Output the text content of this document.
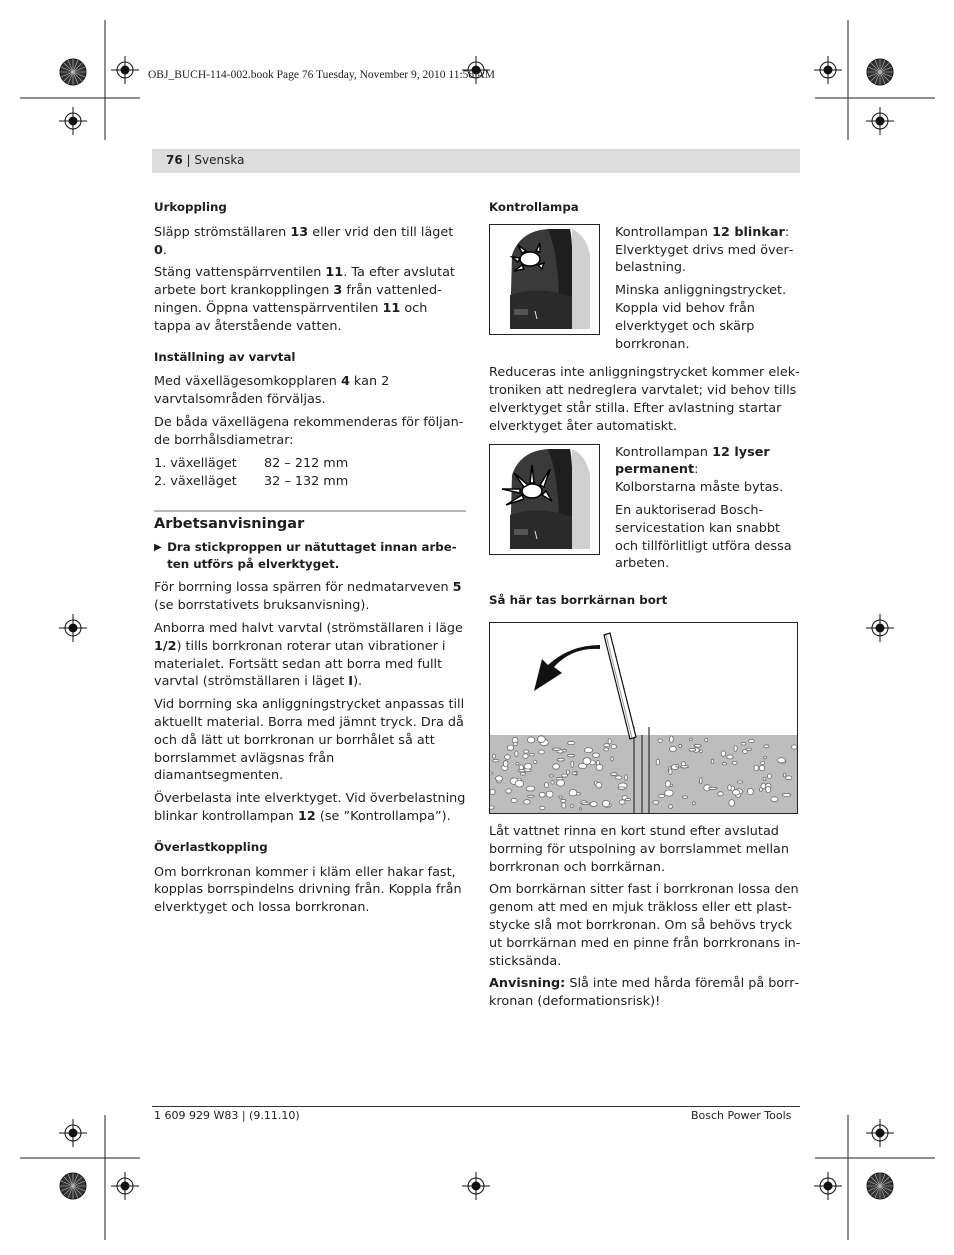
OBJ_BUCH-114-002.book Page 76 Tuesday, November 9, 2010 11:58 AM
76 | Svenska
Urkoppling

Släpp strömställaren 13 eller vrid den till läget 0.

Stäng vattenspärrventilen 11. Ta efter avslutat arbete bort krankopplingen 3 från vattenledningen. Öppna vattenspärrventilen 11 och tappa av återstående vatten.

Inställning av varvtal

Med växellägesomkopplaren 4 kan 2 varvtalsområden förväljas.

De båda växellägena rekommenderas för följande borrhålsdiametrar:

1. växelläget	82 – 212 mm
2. växelläget	32 – 132 mm
Arbetsanvisningar
▶ Dra stickproppen ur nätuttaget innan arbeten utförs på elverktyget.

För borrning lossa spärren för nedmatarveven 5 (se borrstativets bruksanvisning).

Anborra med halvt varvtal (strömställaren i läge 1/2) tills borrkronan roterar utan vibrationer i materialet. Fortsätt sedan att borra med fullt varvtal (strömställaren i läget I).

Vid borrning ska anliggningstrycket anpassas till aktuellt material. Borra med jämnt tryck. Dra då och då lätt ut borrkronan ur borrhålet så att borrslammet avlägsnas från diamantsegmenten.

Överbelasta inte elverktyget. Vid överbelastning blinkar kontrollampan 12 (se ”Kontrollampa”).

Överlastkoppling

Om borrkronan kommer i kläm eller hakar fast, kopplas borrspindelns drivning från. Koppla från elverktyget och lossa borrkronan.

Kontrollampa

Kontrollampan 12 blinkar:
Elverktyget drivs med överbelastning.

Minska anliggningstrycket. Koppla vid behov från elverktyget och skärp borrkronan.

Reduceras inte anliggningstrycket kommer elektroniken att nedreglera varvtalet; vid behov tills elverktyget står stilla. Efter avlastning startar elverktyget åter automatiskt.

Kontrollampan 12 lyser permanent:
Kolborstarna måste bytas.

En auktoriserad Bosch-servicestation kan snabbt och tillförlitligt utföra dessa arbeten.

Så här tas borrkärnan bort

Låt vattnet rinna en kort stund efter avslutad borrning för utspolning av borrslammet mellan borrkronan och borrkärnan.

Om borrkärnan sitter fast i borrkronan lossa den genom att med en mjuk träkloss eller ett plaststycke slå mot borrkronan. Om så behövs tryck ut borrkärnan med en pinne från borrkronans insticksända.

Anvisning: Slå inte med hårda föremål på borrkronan (deformationsrisk)!

1 609 929 W83 | (9.11.10)	Bosch Power Tools
